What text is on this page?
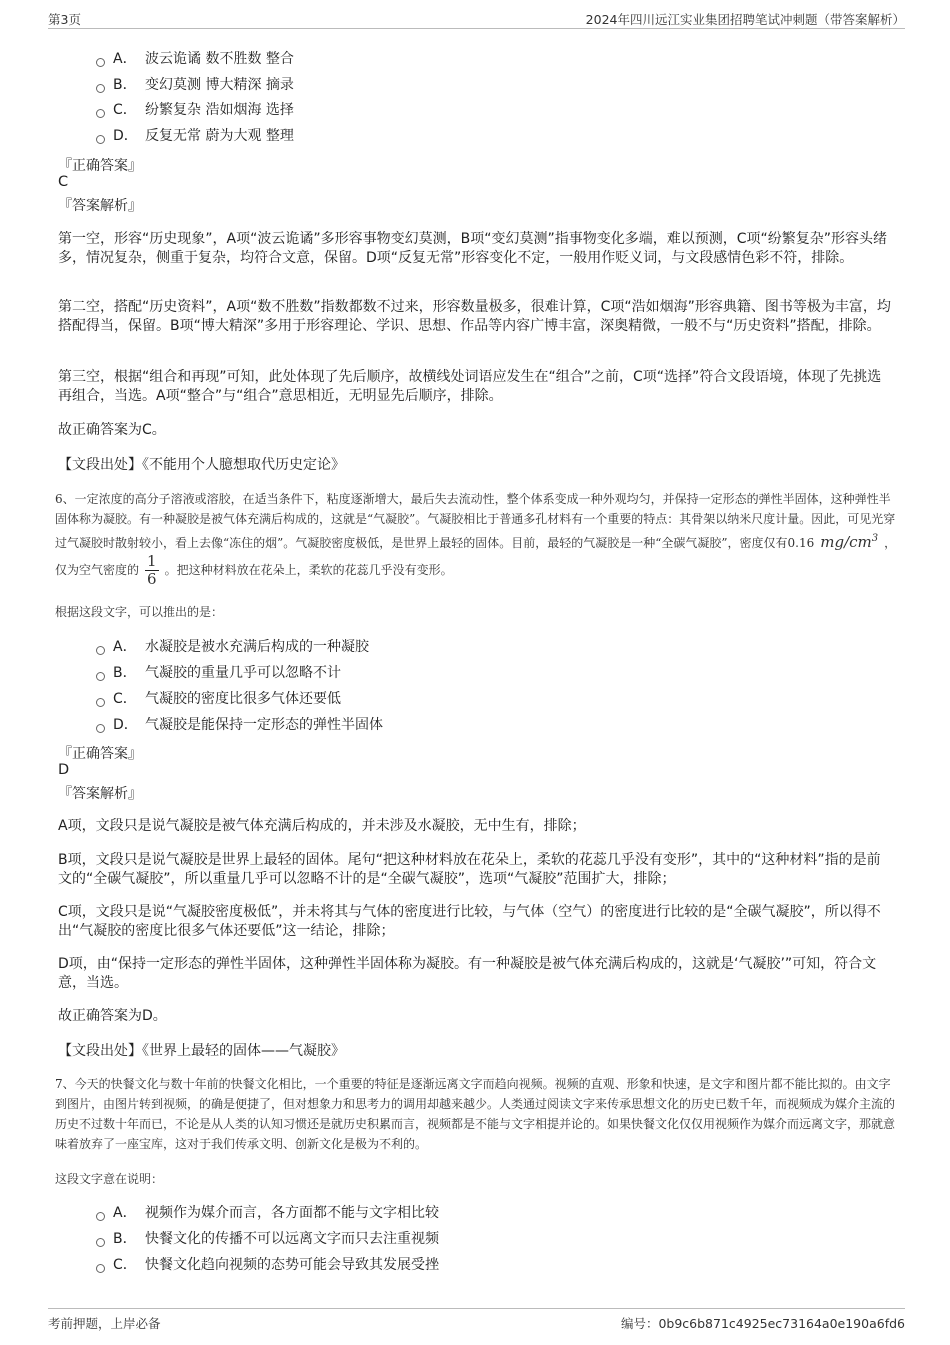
第3页	2024年四川远江实业集团招聘笔试冲刺题（带答案解析）
A． 波云诡谲 数不胜数 整合
B． 变幻莫测 博大精深 摘录
C． 纷繁复杂 浩如烟海 选择
D． 反复无常 蔚为大观 整理
『正确答案』
C
『答案解析』
第一空，形容“历史现象”，A项“波云诡谲”多形容事物变幻莫测，B项“变幻莫测”指事物变化多端，难以预测，C项“纷繁复杂”形容头绪多，情况复杂，侧重于复杂，均符合文意，保留。D项“反复无常”形容变化不定，一般用作贬义词，与文段感情色彩不符，排除。
第二空，搭配“历史资料”，A项“数不胜数”指数都数不过来，形容数量极多，很难计算，C项“浩如烟海”形容典籍、图书等极为丰富，均搭配得当，保留。B项“博大精深”多用于形容理论、学识、思想、作品等内容广博丰富，深奥精微，一般不与“历史资料”搭配，排除。
第三空，根据“组合和再现”可知，此处体现了先后顺序，故横线处词语应发生在“组合”之前，C项“选择”符合文段语境，体现了先挑选再组合，当选。A项“整合”与“组合”意思相近，无明显先后顺序，排除。
故正确答案为C。
【文段出处】《不能用个人臆想取代历史定论》
6、一定浓度的高分子溶液或溶胶，在适当条件下，粘度逐渐增大，最后失去流动性，整个体系变成一种外观均匀，并保持一定形态的弹性半固体，这种弹性半固体称为凝胶。有一种凝胶是被气体充满后构成的，这就是“气凝胶”。气凝胶相比于普通多孔材料有一个重要的特点：其骨架以纳米尺度计量。因此，可见光穿过气凝胶时散射较小，看上去像“冻住的烟”。气凝胶密度极低，是世界上最轻的固体。目前，最轻的气凝胶是一种“全碳气凝胶”，密度仅有0.16 $mg/cm^3$ ，仅为空气密度的 $\frac{1}{6}$ 。把这种材料放在花朵上，柔软的花蕊几乎没有变形。
根据这段文字，可以推出的是：
A． 水凝胶是被水充满后构成的一种凝胶
B． 气凝胶的重量几乎可以忽略不计
C． 气凝胶的密度比很多气体还要低
D． 气凝胶是能保持一定形态的弹性半固体
『正确答案』
D
『答案解析』
A项，文段只是说气凝胶是被气体充满后构成的，并未涉及水凝胶，无中生有，排除；
B项，文段只是说气凝胶是世界上最轻的固体。尾句“把这种材料放在花朵上，柔软的花蕊几乎没有变形”，其中的“这种材料”指的是前文的“全碳气凝胶”，所以重量几乎可以忽略不计的是“全碳气凝胶”，选项“气凝胶”范围扩大，排除；
C项，文段只是说“气凝胶密度极低”，并未将其与气体的密度进行比较，与气体（空气）的密度进行比较的是“全碳气凝胶”，所以得不出“气凝胶的密度比很多气体还要低”这一结论，排除；
D项，由“保持一定形态的弹性半固体，这种弹性半固体称为凝胶。有一种凝胶是被气体充满后构成的，这就是‘气凝胶’”可知，符合文意，当选。
故正确答案为D。
【文段出处】《世界上最轻的固体——气凝胶》
7、今天的快餐文化与数十年前的快餐文化相比，一个重要的特征是逐渐远离文字而趋向视频。视频的直观、形象和快速，是文字和图片都不能比拟的。由文字到图片，由图片转到视频，的确是便捷了，但对想象力和思考力的调用却越来越少。人类通过阅读文字来传承思想文化的历史已数千年，而视频成为媒介主流的历史不过数十年而已，不论是从人类的认知习惯还是就历史积累而言，视频都是不能与文字相提并论的。如果快餐文化仅仅用视频作为媒介而远离文字，那就意味着放弃了一座宝库，这对于我们传承文明、创新文化是极为不利的。
这段文字意在说明：
A． 视频作为媒介而言，各方面都不能与文字相比较
B． 快餐文化的传播不可以远离文字而只去注重视频
C． 快餐文化趋向视频的态势可能会导致其发展受挫
考前押题，上岸必备	编号：0b9c6b871c4925ec73164a0e190a6fd6
